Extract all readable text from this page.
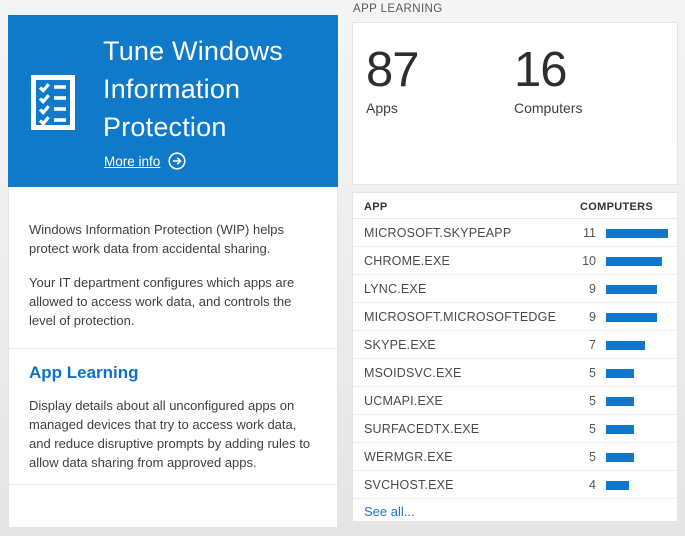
Tune Windows Information Protection
More info

Windows Information Protection (WIP) helps protect work data from accidental sharing.

Your IT department configures which apps are allowed to access work data, and controls the level of protection.

App Learning

Display details about all unconfigured apps on managed devices that try to access work data, and reduce disruptive prompts by adding rules to allow data sharing from approved apps.

APP LEARNING
87
Apps
16
Computers
APP	COMPUTERS
MICROSOFT.SKYPEAPP	11
CHROME.EXE	10
LYNC.EXE	9
MICROSOFT.MICROSOFTEDGE	9
SKYPE.EXE	7
MSOIDSVC.EXE	5
UCMAPI.EXE	5
SURFACEDTX.EXE	5
WERMGR.EXE	5
SVCHOST.EXE	4
See all...
